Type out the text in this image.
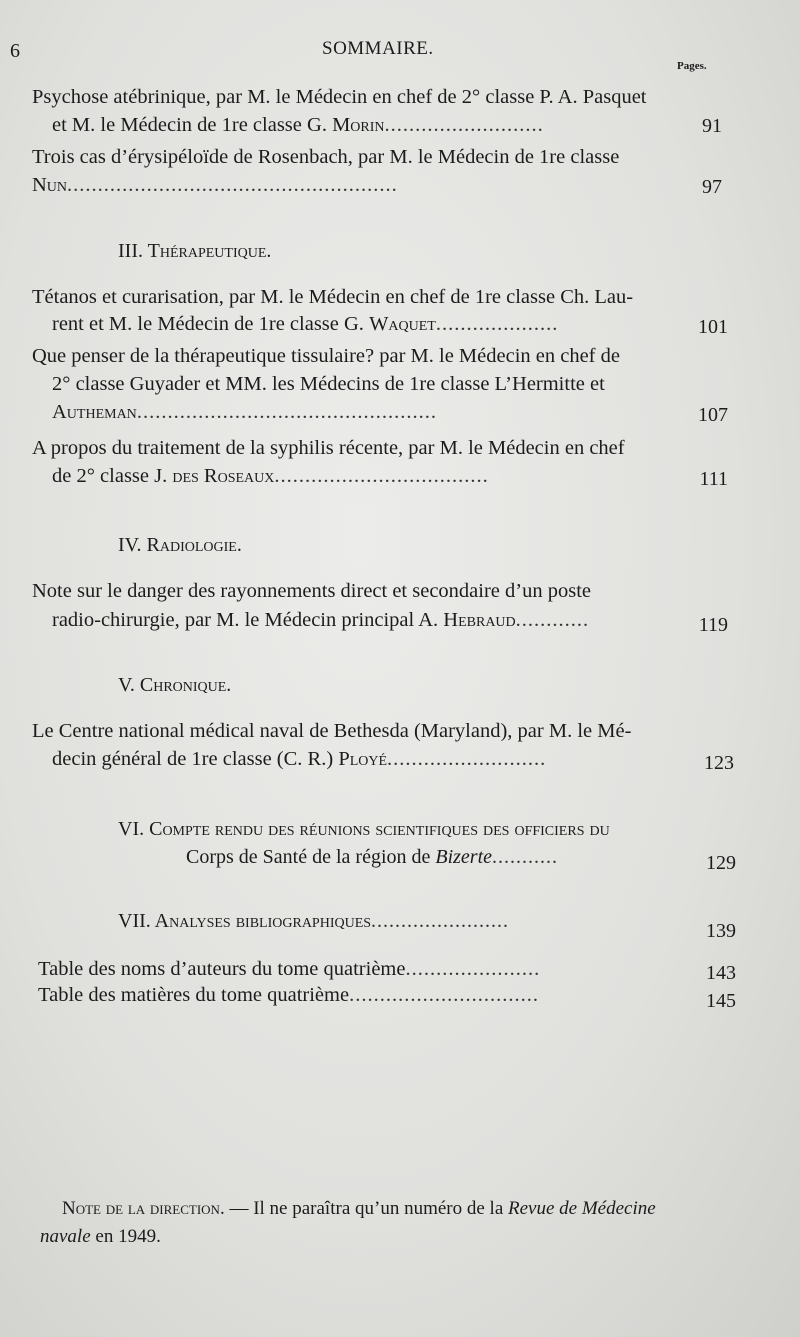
6	SOMMAIRE.
Pages.
Psychose atébrinique, par M. le Médecin en chef de 2° classe P. A. Pasquet
et M. le Médecin de 1re classe G. Morin..........................	91
Trois cas d’érysipéloïde de Rosenbach, par M. le Médecin de 1re classe
Nun......................................................	97
III. Thérapeutique.
Tétanos et curarisation, par M. le Médecin en chef de 1re classe Ch. Lau-
rent et M. le Médecin de 1re classe G. Waquet....................	101
Que penser de la thérapeutique tissulaire? par M. le Médecin en chef de
2° classe Guyader et MM. les Médecins de 1re classe L’Hermitte et
Autheman.................................................	107
A propos du traitement de la syphilis récente, par M. le Médecin en chef
de 2° classe J. des Roseaux...................................	111
IV. Radiologie.
Note sur le danger des rayonnements direct et secondaire d’un poste
radio-chirurgie, par M. le Médecin principal A. Hebraud............	119
V. Chronique.
Le Centre national médical naval de Bethesda (Maryland), par M. le Mé-
decin général de 1re classe (C. R.) Ployé..........................	123
VI. Compte rendu des réunions scientifiques des officiers du
Corps de Santé de la région de Bizerte...........	129
VII. Analyses bibliographiques.......................	139
Table des noms d’auteurs du tome quatrième......................	143
Table des matières du tome quatrième...............................	145
Note de la direction. — Il ne paraîtra qu’un numéro de la Revue de Médecine
navale en 1949.
